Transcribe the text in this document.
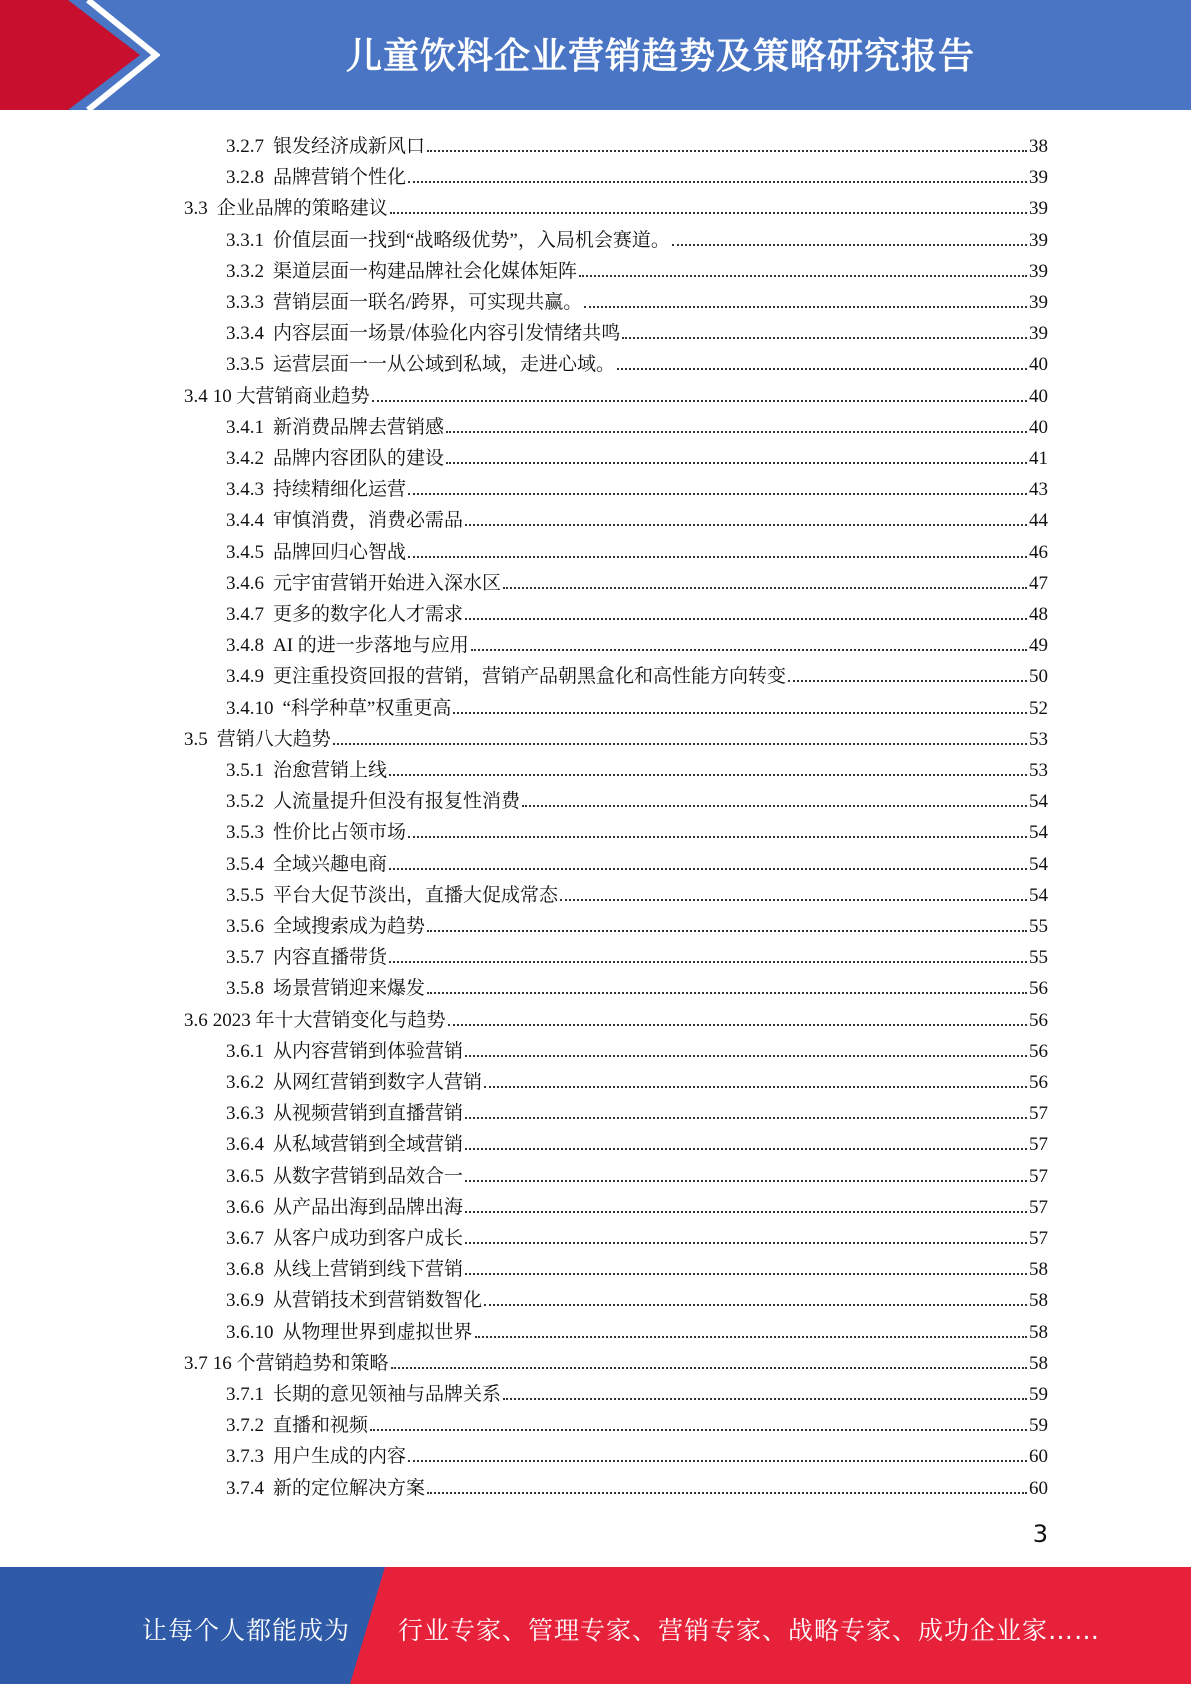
儿童饮料企业营销趋势及策略研究报告
3.2.7 银发经济成新风口	38
3.2.8 品牌营销个性化	39
3.3 企业品牌的策略建议	39
3.3.1 价值层面一找到“战略级优势”，入局机会赛道。	39
3.3.2 渠道层面一构建品牌社会化媒体矩阵	39
3.3.3 营销层面一联名/跨界，可实现共赢。	39
3.3.4 内容层面一场景/体验化内容引发情绪共鸣	39
3.3.5 运营层面一一从公域到私域，走进心域。	40
3.4 10 大营销商业趋势	40
3.4.1 新消费品牌去营销感	40
3.4.2 品牌内容团队的建设	41
3.4.3 持续精细化运营	43
3.4.4 审慎消费，消费必需品	44
3.4.5 品牌回归心智战	46
3.4.6 元宇宙营销开始进入深水区	47
3.4.7 更多的数字化人才需求	48
3.4.8 AI 的进一步落地与应用	49
3.4.9 更注重投资回报的营销，营销产品朝黑盒化和高性能方向转变	50
3.4.10 “科学种草”权重更高	52
3.5 营销八大趋势	53
3.5.1 治愈营销上线	53
3.5.2 人流量提升但没有报复性消费	54
3.5.3 性价比占领市场	54
3.5.4 全域兴趣电商	54
3.5.5 平台大促节淡出，直播大促成常态	54
3.5.6 全域搜索成为趋势	55
3.5.7 内容直播带货	55
3.5.8 场景营销迎来爆发	56
3.6 2023 年十大营销变化与趋势	56
3.6.1 从内容营销到体验营销	56
3.6.2 从网红营销到数字人营销	56
3.6.3 从视频营销到直播营销	57
3.6.4 从私域营销到全域营销	57
3.6.5 从数字营销到品效合一	57
3.6.6 从产品出海到品牌出海	57
3.6.7 从客户成功到客户成长	57
3.6.8 从线上营销到线下营销	58
3.6.9 从营销技术到营销数智化	58
3.6.10 从物理世界到虚拟世界	58
3.7 16 个营销趋势和策略	58
3.7.1 长期的意见领袖与品牌关系	59
3.7.2 直播和视频	59
3.7.3 用户生成的内容	60
3.7.4 新的定位解决方案	60
3
让每个人都能成为 行业专家、管理专家、营销专家、战略专家、成功企业家……
